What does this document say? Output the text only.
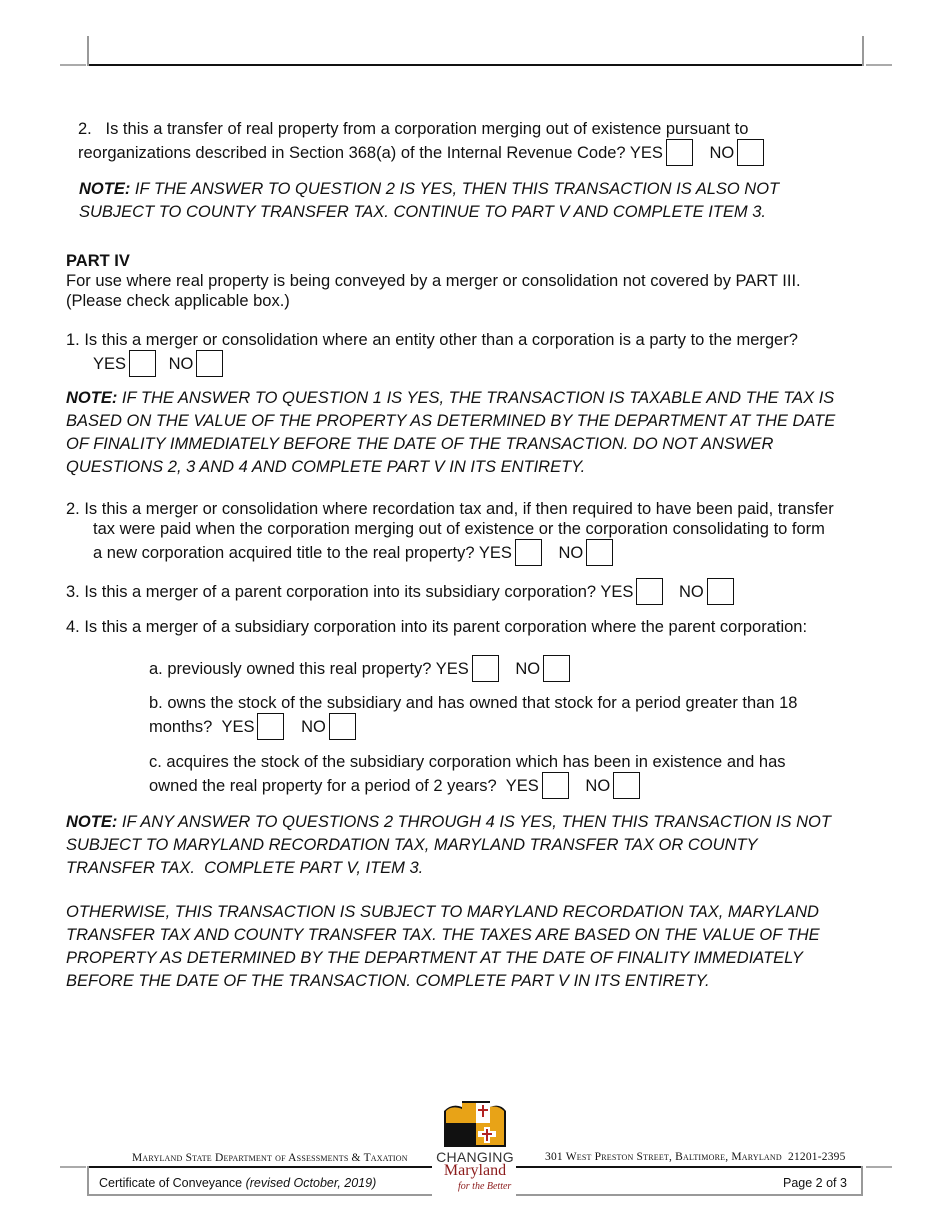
2.   Is this a transfer of real property from a corporation merging out of existence pursuant to
reorganizations described in Section 368(a) of the Internal Revenue Code? YES	NO
NOTE: IF THE ANSWER TO QUESTION 2 IS YES, THEN THIS TRANSACTION IS ALSO NOT
SUBJECT TO COUNTY TRANSFER TAX. CONTINUE TO PART V AND COMPLETE ITEM 3.
PART IV
For use where real property is being conveyed by a merger or consolidation not covered by PART III.
(Please check applicable box.)
1. Is this a merger or consolidation where an entity other than a corporation is a party to the merger?
YES	NO
NOTE: IF THE ANSWER TO QUESTION 1 IS YES, THE TRANSACTION IS TAXABLE AND THE TAX IS
BASED ON THE VALUE OF THE PROPERTY AS DETERMINED BY THE DEPARTMENT AT THE DATE
OF FINALITY IMMEDIATELY BEFORE THE DATE OF THE TRANSACTION. DO NOT ANSWER
QUESTIONS 2, 3 AND 4 AND COMPLETE PART V IN ITS ENTIRETY.
2. Is this a merger or consolidation where recordation tax and, if then required to have been paid, transfer
tax were paid when the corporation merging out of existence or the corporation consolidating to form
a new corporation acquired title to the real property? YES	NO
3. Is this a merger of a parent corporation into its subsidiary corporation? YES	NO
4. Is this a merger of a subsidiary corporation into its parent corporation where the parent corporation:
a. previously owned this real property? YES	NO
b. owns the stock of the subsidiary and has owned that stock for a period greater than 18
months?  YES	NO
c. acquires the stock of the subsidiary corporation which has been in existence and has
owned the real property for a period of 2 years?  YES	NO
NOTE: IF ANY ANSWER TO QUESTIONS 2 THROUGH 4 IS YES, THEN THIS TRANSACTION IS NOT
SUBJECT TO MARYLAND RECORDATION TAX, MARYLAND TRANSFER TAX OR COUNTY
TRANSFER TAX.  COMPLETE PART V, ITEM 3.
OTHERWISE, THIS TRANSACTION IS SUBJECT TO MARYLAND RECORDATION TAX, MARYLAND
TRANSFER TAX AND COUNTY TRANSFER TAX. THE TAXES ARE BASED ON THE VALUE OF THE
PROPERTY AS DETERMINED BY THE DEPARTMENT AT THE DATE OF FINALITY IMMEDIATELY
BEFORE THE DATE OF THE TRANSACTION. COMPLETE PART V IN ITS ENTIRETY.
Maryland State Department of Assessments & Taxation	301 West Preston Street, Baltimore, Maryland  21201-2395
Certificate of Conveyance (revised October, 2019)	Page 2 of 3
CHANGING
Maryland
for the Better
